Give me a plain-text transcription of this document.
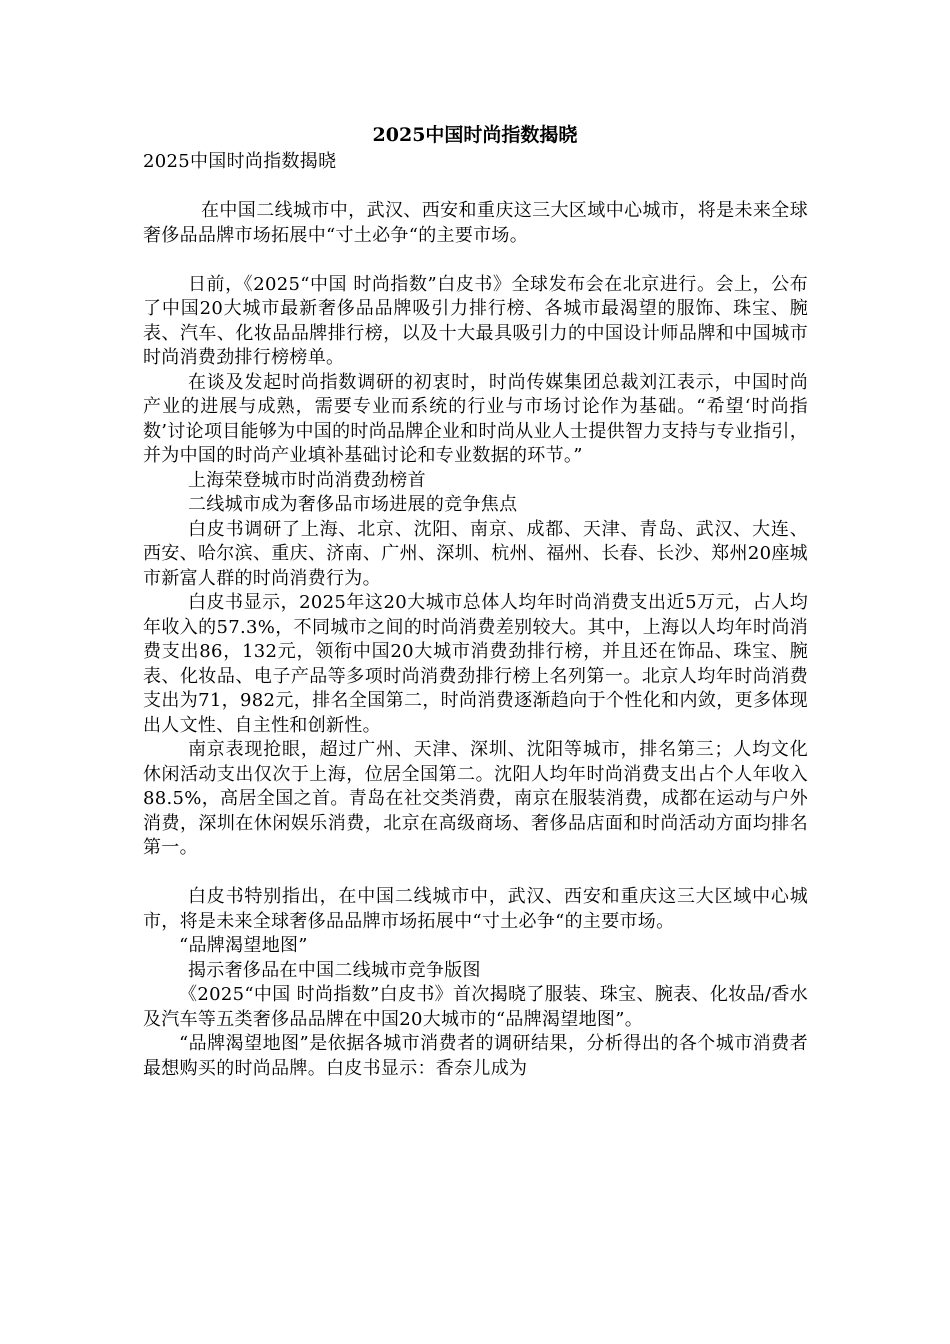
2025中国时尚指数揭晓

2025中国时尚指数揭晓

在中国二线城市中，武汉、西安和重庆这三大区域中心城市，将是未来全球奢侈品品牌市场拓展中“寸土必争“的主要市场。

日前，《2025“中国 时尚指数”白皮书》全球发布会在北京进行。会上，公布了中国20大城市最新奢侈品品牌吸引力排行榜、各城市最渴望的服饰、珠宝、腕表、汽车、化妆品品牌排行榜，以及十大最具吸引力的中国设计师品牌和中国城市时尚消费劲排行榜榜单。

在谈及发起时尚指数调研的初衷时，时尚传媒集团总裁刘江表示，中国时尚产业的进展与成熟，需要专业而系统的行业与市场讨论作为基础。“希望‘时尚指数’讨论项目能够为中国的时尚品牌企业和时尚从业人士提供智力支持与专业指引，并为中国的时尚产业填补基础讨论和专业数据的环节。”

上海荣登城市时尚消费劲榜首

二线城市成为奢侈品市场进展的竞争焦点

白皮书调研了上海、北京、沈阳、南京、成都、天津、青岛、武汉、大连、西安、哈尔滨、重庆、济南、广州、深圳、杭州、福州、长春、长沙、郑州20座城市新富人群的时尚消费行为。

白皮书显示，2025年这20大城市总体人均年时尚消费支出近5万元，占人均年收入的57.3%，不同城市之间的时尚消费差别较大。其中，上海以人均年时尚消费支出86，132元，领衔中国20大城市消费劲排行榜，并且还在饰品、珠宝、腕表、化妆品、电子产品等多项时尚消费劲排行榜上名列第一。北京人均年时尚消费支出为71，982元，排名全国第二，时尚消费逐渐趋向于个性化和内敛，更多体现出人文性、自主性和创新性。

南京表现抢眼，超过广州、天津、深圳、沈阳等城市，排名第三；人均文化休闲活动支出仅次于上海，位居全国第二。沈阳人均年时尚消费支出占个人年收入88.5%，高居全国之首。青岛在社交类消费，南京在服装消费，成都在运动与户外消费，深圳在休闲娱乐消费，北京在高级商场、奢侈品店面和时尚活动方面均排名第一。

白皮书特别指出，在中国二线城市中，武汉、西安和重庆这三大区域中心城市，将是未来全球奢侈品品牌市场拓展中“寸土必争“的主要市场。

“品牌渴望地图”

揭示奢侈品在中国二线城市竞争版图

《2025“中国 时尚指数”白皮书》首次揭晓了服装、珠宝、腕表、化妆品/香水及汽车等五类奢侈品品牌在中国20大城市的“品牌渴望地图”。

“品牌渴望地图”是依据各城市消费者的调研结果，分析得出的各个城市消费者最想购买的时尚品牌。白皮书显示：香奈儿成为
